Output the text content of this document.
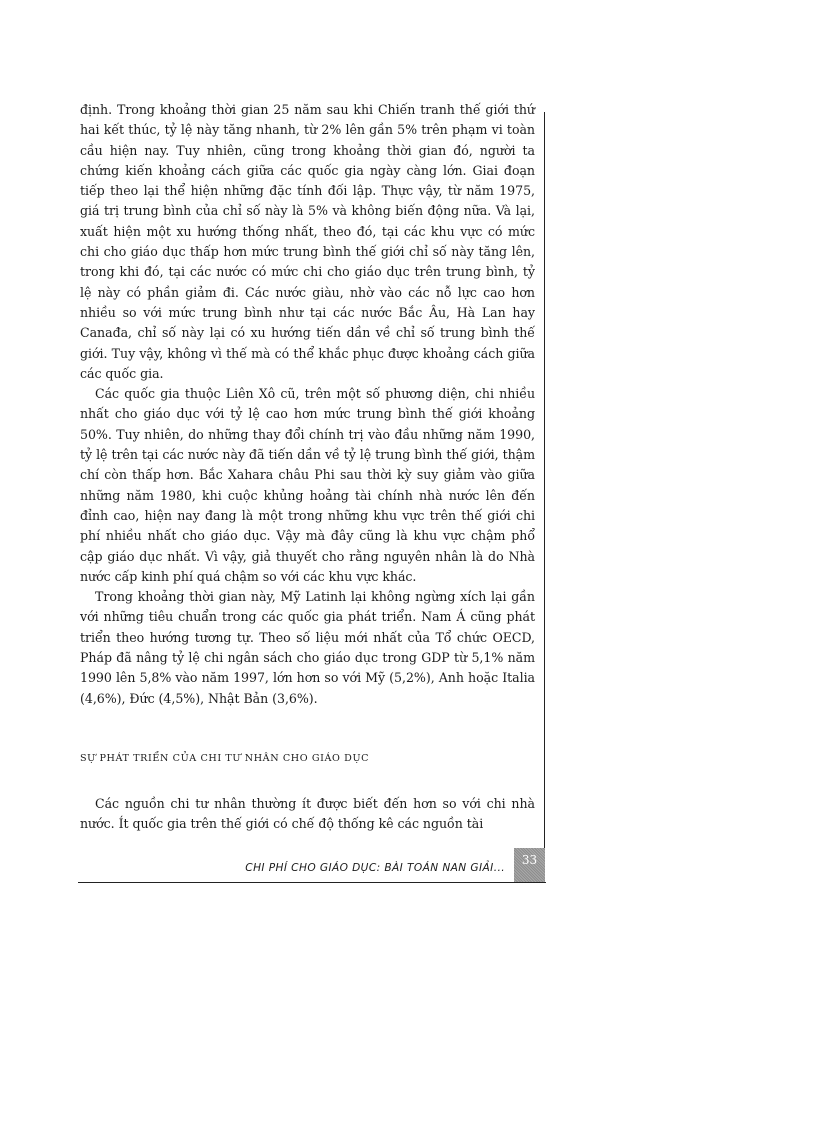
định. Trong khoảng thời gian 25 năm sau khi Chiến tranh thế giới thứ hai kết thúc, tỷ lệ này tăng nhanh, từ 2% lên gần 5% trên phạm vi toàn cầu hiện nay. Tuy nhiên, cũng trong khoảng thời gian đó, người ta chứng kiến khoảng cách giữa các quốc gia ngày càng lớn. Giai đoạn tiếp theo lại thể hiện những đặc tính đối lập. Thực vậy, từ năm 1975, giá trị trung bình của chỉ số này là 5% và không biến động nữa. Và lại, xuất hiện một xu hướng thống nhất, theo đó, tại các khu vực có mức chi cho giáo dục thấp hơn mức trung bình thế giới chỉ số này tăng lên, trong khi đó, tại các nước có mức chi cho giáo dục trên trung bình, tỷ lệ này có phần giảm đi. Các nước giàu, nhờ vào các nỗ lực cao hơn nhiều so với mức trung bình như tại các nước Bắc Âu, Hà Lan hay Canađa, chỉ số này lại có xu hướng tiến dần về chỉ số trung bình thế giới. Tuy vậy, không vì thế mà có thể khắc phục được khoảng cách giữa các quốc gia.

Các quốc gia thuộc Liên Xô cũ, trên một số phương diện, chi nhiều nhất cho giáo dục với tỷ lệ cao hơn mức trung bình thế giới khoảng 50%. Tuy nhiên, do những thay đổi chính trị vào đầu những năm 1990, tỷ lệ trên tại các nước này đã tiến dần về tỷ lệ trung bình thế giới, thậm chí còn thấp hơn. Bắc Xahara châu Phi sau thời kỳ suy giảm vào giữa những năm 1980, khi cuộc khủng hoảng tài chính nhà nước lên đến đỉnh cao, hiện nay đang là một trong những khu vực trên thế giới chi phí nhiều nhất cho giáo dục. Vậy mà đây cũng là khu vực chậm phổ cập giáo dục nhất. Vì vậy, giả thuyết cho rằng nguyên nhân là do Nhà nước cấp kinh phí quá chậm so với các khu vực khác.

Trong khoảng thời gian này, Mỹ Latinh lại không ngừng xích lại gần với những tiêu chuẩn trong các quốc gia phát triển. Nam Á cũng phát triển theo hướng tương tự. Theo số liệu mới nhất của Tổ chức OECD, Pháp đã nâng tỷ lệ chi ngân sách cho giáo dục trong GDP từ 5,1% năm 1990 lên 5,8% vào năm 1997, lớn hơn so với Mỹ (5,2%), Anh hoặc Italia (4,6%), Đức (4,5%), Nhật Bản (3,6%).

SỰ PHÁT TRIỂN CỦA CHI TƯ NHÂN CHO GIÁO DỤC

Các nguồn chi tư nhân thường ít được biết đến hơn so với chi nhà nước. Ít quốc gia trên thế giới có chế độ thống kê các nguồn tài

CHI PHÍ CHO GIÁO DỤC: BÀI TOÁN NAN GIẢI...
33
